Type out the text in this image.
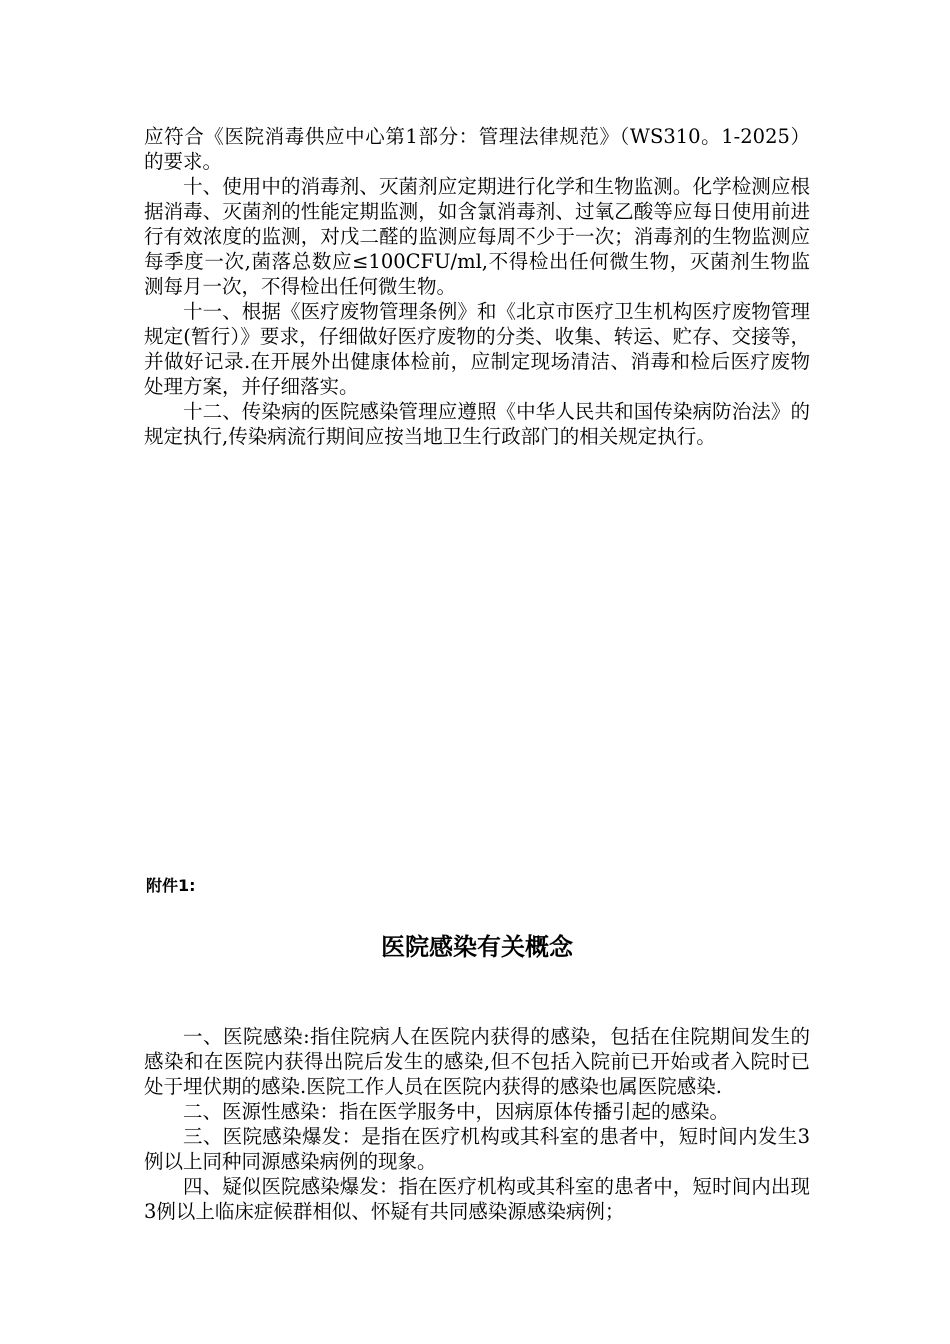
应符合《医院消毒供应中心第1部分：管理法律规范》（WS310。1-2025）的要求。

十、使用中的消毒剂、灭菌剂应定期进行化学和生物监测。化学检测应根据消毒、灭菌剂的性能定期监测，如含氯消毒剂、过氧乙酸等应每日使用前进行有效浓度的监测，对戊二醛的监测应每周不少于一次；消毒剂的生物监测应每季度一次,菌落总数应≤100CFU/ml,不得检出任何微生物，灭菌剂生物监测每月一次，不得检出任何微生物。

十一、根据《医疗废物管理条例》和《北京市医疗卫生机构医疗废物管理规定(暂行）》要求，仔细做好医疗废物的分类、收集、转运、贮存、交接等，并做好记录.在开展外出健康体检前，应制定现场清洁、消毒和检后医疗废物处理方案，并仔细落实。

十二、传染病的医院感染管理应遵照《中华人民共和国传染病防治法》的规定执行,传染病流行期间应按当地卫生行政部门的相关规定执行。

附件1:
医院感染有关概念

一、医院感染:指住院病人在医院内获得的感染，包括在住院期间发生的感染和在医院内获得出院后发生的感染,但不包括入院前已开始或者入院时已处于埋伏期的感染.医院工作人员在医院内获得的感染也属医院感染.

二、医源性感染：指在医学服务中，因病原体传播引起的感染。

三、医院感染爆发：是指在医疗机构或其科室的患者中，短时间内发生3例以上同种同源感染病例的现象。

四、疑似医院感染爆发：指在医疗机构或其科室的患者中，短时间内出现3例以上临床症候群相似、怀疑有共同感染源感染病例；
